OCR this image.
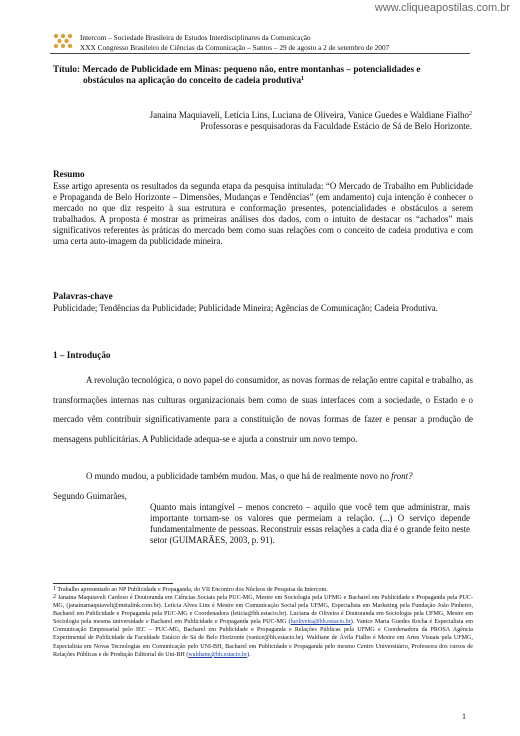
www.cliqueapostilas.com.br
Intercom – Sociedade Brasileira de Estudos Interdisciplinares da Comunicação
XXX Congresso Brasileiro de Ciências da Comunicação – Santos – 29 de agosto a 2 de setembro de 2007
Título: Mercado de Publicidade em Minas: pequeno não, entre montanhas – potencialidades e
obstáculos na aplicação do conceito de cadeia produtiva$^1$
Janaina Maquiaveli, Letícia Lins, Luciana de Oliveira, Vanice Guedes e Waldiane Fialho$^2$
Professoras e pesquisadoras da Faculdade Estácio de Sá de Belo Horizonte.
Resumo

Esse artigo apresenta os resultados da segunda etapa da pesquisa intitulada: “O Mercado de Trabalho em Publicidade e Propaganda de Belo Horizonte – Dimensões, Mudanças e Tendências” (em andamento) cuja intenção é conhecer o mercado no que diz respeito à sua estrutura e conformação presentes, potencialidades e obstáculos a serem trabalhados. A proposta é mostrar as primeiras análises dos dados, com o intuito de destacar os “achados” mais significativos referentes às práticas do mercado bem como suas relações com o conceito de cadeia produtiva e com uma certa auto-imagem da publicidade mineira.

Palavras-chave

Publicidade; Tendências da Publicidade; Publicidade Mineira; Agências de Comunicação; Cadeia Produtiva.

1 – Introdução

A revolução tecnológica, o novo papel do consumidor, as novas formas de relação entre capital e trabalho, as transformações internas nas culturas organizacionais bem como de suas interfaces com a sociedade, o Estado e o mercado vêm contribuir significativamente para a constituição de novas formas de fazer e pensar a produção de mensagens publicitárias. A Publicidade adequa-se e ajuda a construir um novo tempo.

O mundo mudou, a publicidade também mudou. Mas, o que há de realmente novo no front?
Segundo Guimarães,

Quanto mais intangível – menos concreto – aquilo que você tem que administrar, mais importante tornam-se os valores que permeiam a relação. (...) O serviço depende fundamentalmente de pessoas. Reconstruir essas relações a cada dia é o grande feito neste setor (GUIMARÃES, 2003, p. 91).

$^1$ Trabalho apresentado ao NP Publicidade e Propaganda, do VII Encontro dos Núcleos de Pesquisa da Intercom.

$^2$ Janaina Maquiaveli Cardoso é Doutoranda em Ciências Sociais pela PUC-MG, Mestre em Sociologia pela UFMG e Bacharel em Publicidade e Propaganda pela PUC-MG, (janainamaquiaveli@metalink.com.br). Letícia Alves Lins é Mestre em Comunicação Social pela UFMG, Especialista em Marketing pela Fundação João Pinheiro, Bacharel em Publicidade e Propaganda pela PUC-MG e Coordenadora (leticia@bh.estacio.br). Luciana de Oliveira é Doutoranda em Sociologia pela UFMG, Mestre em Sociologia pela mesma universidade e Bacharel em Publicidade e Propaganda pela PUC-MG (luoliveira@bh.estacio.br). Vanice Maria Guedes Rocha é Especialista em Comunicação Empresarial pelo IEC – PUC-MG, Bacharel em Publicidade e Propaganda e Relações Públicas pela UFMG e Coordenadora da PROSA Agência Experimental de Publicidade da Faculdade Estácio de Sá de Belo Horizonte (vanice@bh.estacio.br). Waldiane de Ávila Fialho é Mestre em Artes Visuais pela UFMG, Especialista em Novas Tecnologias em Comunicação pelo UNI-BH, Bacharel em Publicidade e Propaganda pelo mesmo Centro Universitário, Professora dos cursos de Relações Públicas e de Produção Editorial do Uni-BH (waldiane@bh.estacio.br).

1
